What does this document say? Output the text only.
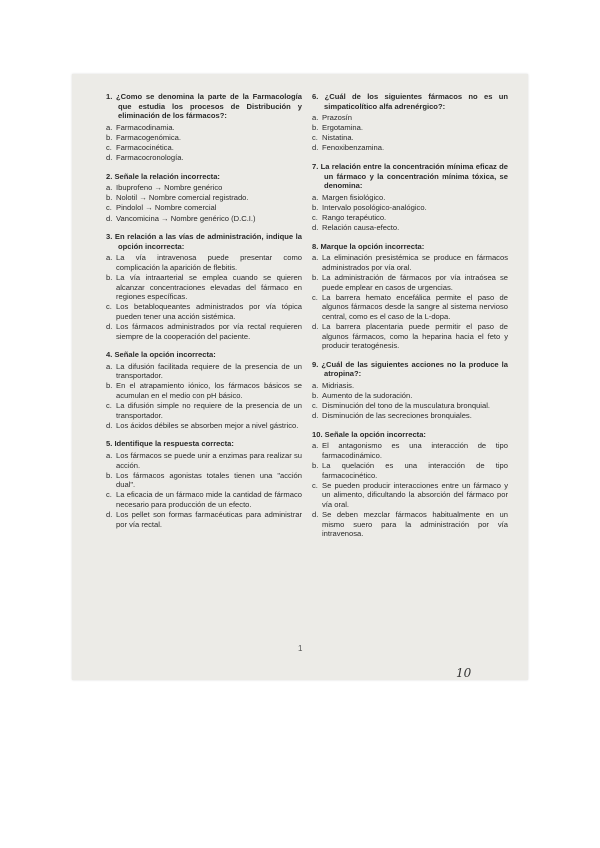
1. ¿Como se denomina la parte de la Farmacología que estudia los procesos de Distribución y eliminación de los fármacos?:
a. Farmacodinamia.
b. Farmacogenómica.
c. Farmacocinética.
d. Farmacocronología.
2. Señale la relación incorrecta:
a. Ibuprofeno → Nombre genérico
b. Nolotil → Nombre comercial registrado.
c. Pindolol → Nombre comercial
d. Vancomicina → Nombre genérico (D.C.I.)
3. En relación a las vías de administración, indique la opción incorrecta:
a. La vía intravenosa puede presentar como complicación la aparición de flebitis.
b. La vía intraarterial se emplea cuando se quieren alcanzar concentraciones elevadas del fármaco en regiones específicas.
c. Los betabloqueantes administrados por vía tópica pueden tener una acción sistémica.
d. Los fármacos administrados por vía rectal requieren siempre de la cooperación del paciente.
4. Señale la opción incorrecta:
a. La difusión facilitada requiere de la presencia de un transportador.
b. En el atrapamiento iónico, los fármacos básicos se acumulan en el medio con pH básico.
c. La difusión simple no requiere de la presencia de un transportador.
d. Los ácidos débiles se absorben mejor a nivel gástrico.
5. Identifique la respuesta correcta:
a. Los fármacos se puede unir a enzimas para realizar su acción.
b. Los fármacos agonistas totales tienen una "acción dual".
c. La eficacia de un fármaco mide la cantidad de fármaco necesario para producción de un efecto.
d. Los pellet son formas farmacéuticas para administrar por vía rectal.
6. ¿Cuál de los siguientes fármacos no es un simpaticolítico alfa adrenérgico?:
a. Prazosín
b. Ergotamina.
c. Nistatina.
d. Fenoxibenzamina.
7. La relación entre la concentración mínima eficaz de un fármaco y la concentración mínima tóxica, se denomina:
a. Margen fisiológico.
b. Intervalo posológico-analógico.
c. Rango terapéutico.
d. Relación causa-efecto.
8. Marque la opción incorrecta:
a. La eliminación presistémica se produce en fármacos administrados por vía oral.
b. La administración de fármacos por vía intraósea se puede emplear en casos de urgencias.
c. La barrera hemato encefálica permite el paso de algunos fármacos desde la sangre al sistema nervioso central, como es el caso de la L-dopa.
d. La barrera placentaria puede permitir el paso de algunos fármacos, como la heparina hacia el feto y producir teratogénesis.
9. ¿Cuál de las siguientes acciones no la produce la atropina?:
a. Midriasis.
b. Aumento de la sudoración.
c. Disminución del tono de la musculatura bronquial.
d. Disminución de las secreciones bronquiales.
10. Señale la opción incorrecta:
a. El antagonismo es una interacción de tipo farmacodinámico.
b. La quelación es una interacción de tipo farmacocinético.
c. Se pueden producir interacciones entre un fármaco y un alimento, dificultando la absorción del fármaco por vía oral.
d. Se deben mezclar fármacos habitualmente en un mismo suero para la administración por vía intravenosa.
1
10
